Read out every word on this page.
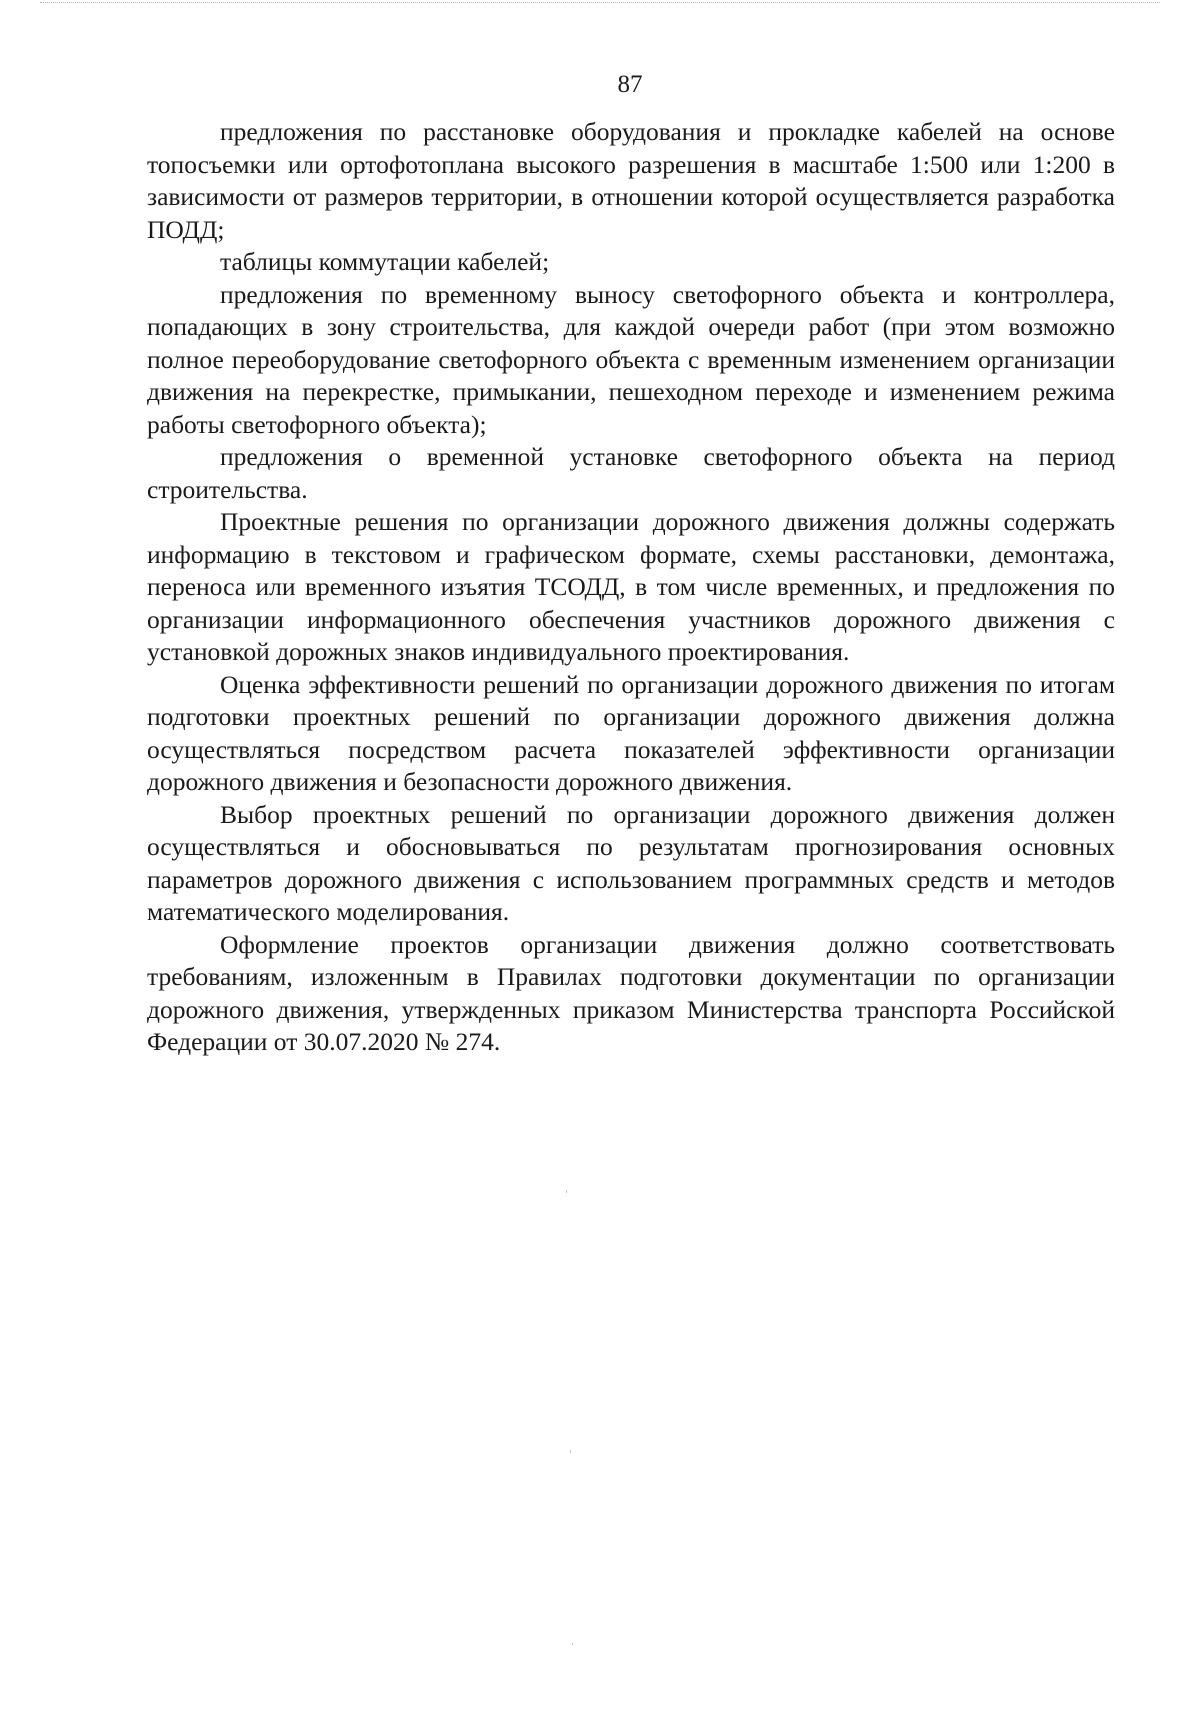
87

предложения по расстановке оборудования и прокладке кабелей на основе топосъемки или ортофотоплана высокого разрешения в масштабе 1:500 или 1:200 в зависимости от размеров территории, в отношении которой осуществляется разработка ПОДД;

таблицы коммутации кабелей;

предложения по временному выносу светофорного объекта и контроллера, попадающих в зону строительства, для каждой очереди работ (при этом возможно полное переоборудование светофорного объекта с временным изменением организации движения на перекрестке, примыкании, пешеходном переходе и изменением режима работы светофорного объекта);

предложения о временной установке светофорного объекта на период строительства.

Проектные решения по организации дорожного движения должны содержать информацию в текстовом и графическом формате, схемы расстановки, демонтажа, переноса или временного изъятия ТСОДД, в том числе временных, и предложения по организации информационного обеспечения участников дорожного движения с установкой дорожных знаков индивидуального проектирования.

Оценка эффективности решений по организации дорожного движения по итогам подготовки проектных решений по организации дорожного движения должна осуществляться посредством расчета показателей эффективности организации дорожного движения и безопасности дорожного движения.

Выбор проектных решений по организации дорожного движения должен осуществляться и обосновываться по результатам прогнозирования основных параметров дорожного движения с использованием программных средств и методов математического моделирования.

Оформление проектов организации движения должно соответствовать требованиям, изложенным в Правилах подготовки документации по организации дорожного движения, утвержденных приказом Министерства транспорта Российской Федерации от 30.07.2020 № 274.
